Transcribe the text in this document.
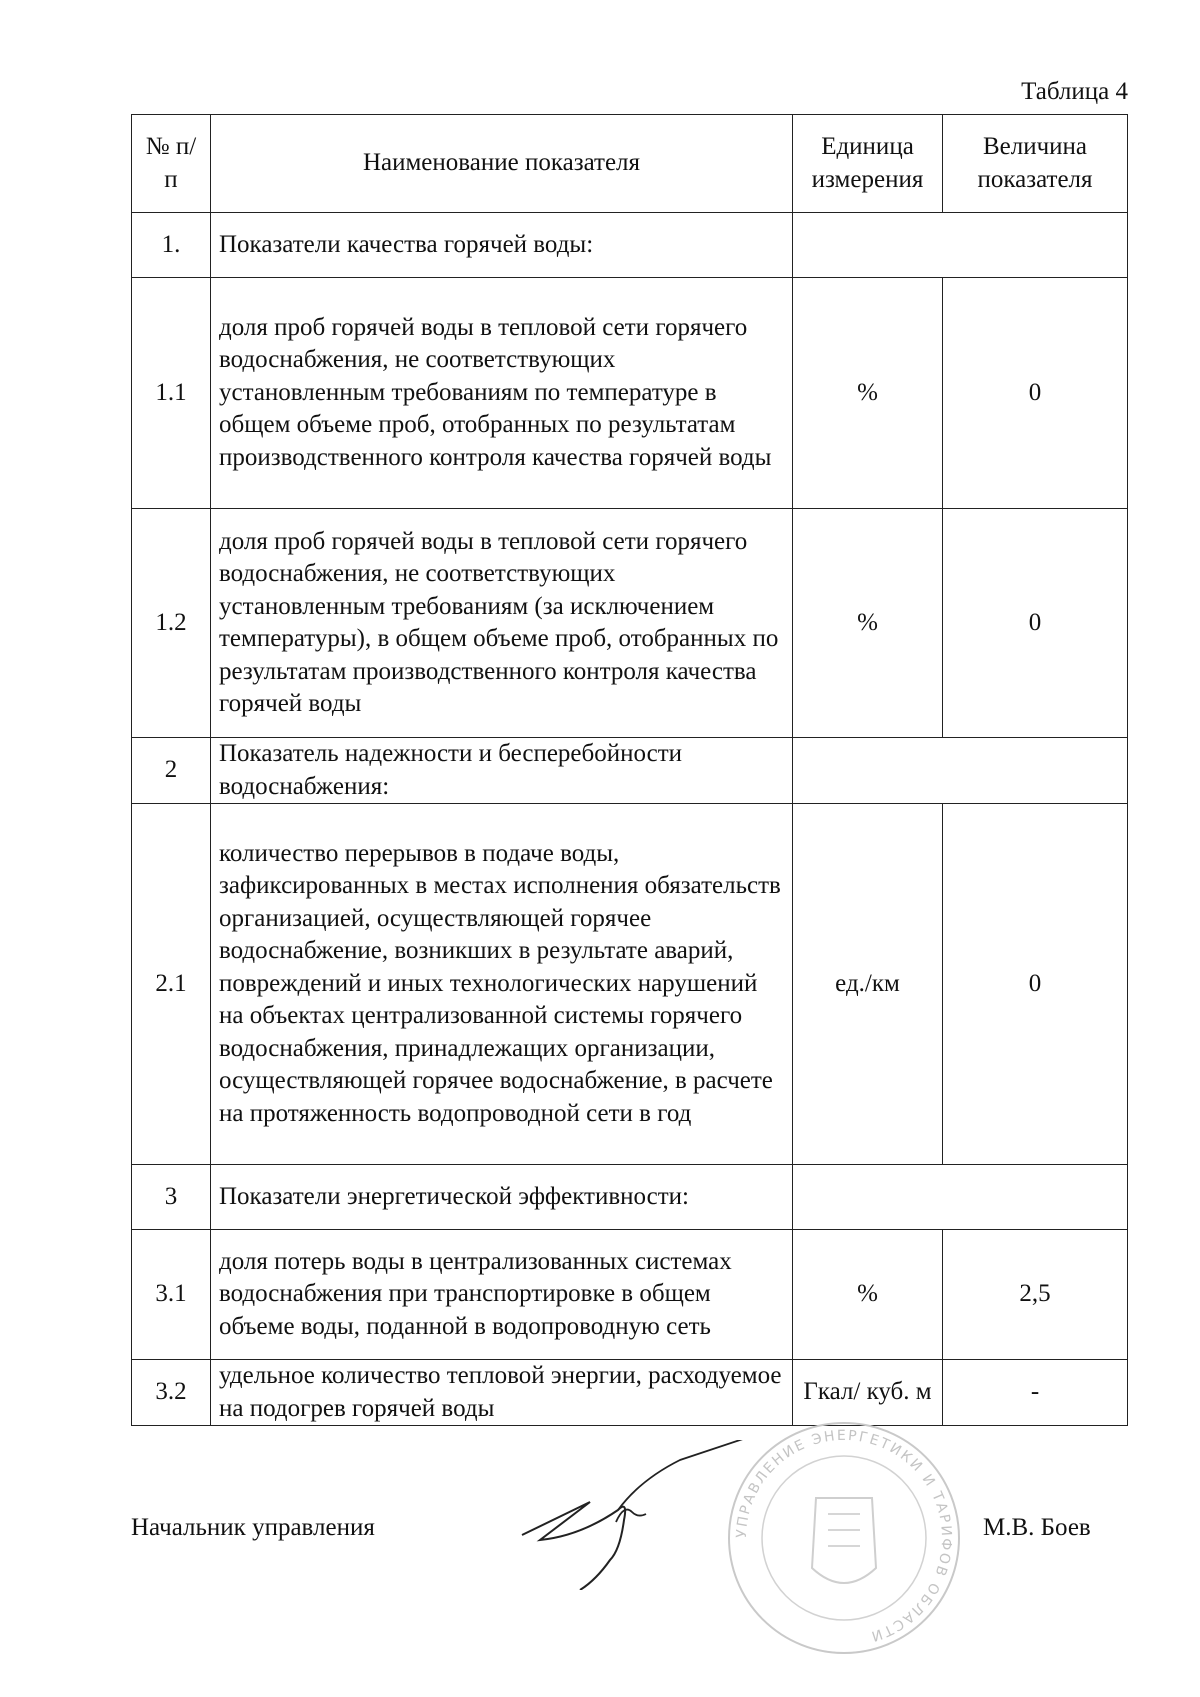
Таблица 4
№ п/п	Наименование показателя	Единица измерения	Величина показателя
1.	Показатели качества горячей воды:		
1.1	доля проб горячей воды в тепловой сети горячего водоснабжения, не соответствующих установленным требованиям по температуре в общем объеме проб, отобранных по результатам производственного контроля качества горячей воды	%	0
1.2	доля проб горячей воды в тепловой сети горячего водоснабжения, не соответствующих установленным требованиям (за исключением температуры), в общем объеме проб, отобранных по результатам производственного контроля качества горячей воды	%	0
2	Показатель надежности и бесперебойности водоснабжения:		
2.1	количество перерывов в подаче воды, зафиксированных в местах исполнения обязательств организацией, осуществляющей горячее водоснабжение, возникших в результате аварий, повреждений и иных технологических нарушений на объектах централизованной системы горячего водоснабжения, принадлежащих организации, осуществляющей горячее водоснабжение, в расчете на протяженность водопроводной сети в год	ед./км	0
3	Показатели энергетической эффективности:		
3.1	доля потерь воды в централизованных системах водоснабжения при транспортировке в общем объеме воды, поданной в водопроводную сеть	%	2,5
3.2	удельное количество тепловой энергии, расходуемое на подогрев горячей воды	Гкал/ куб. м	-
УПРАВЛЕНИЕ ЭНЕРГЕТИКИ И ТАРИФОВ ОБЛАСТИ
Начальник управления	М.В. Боев
